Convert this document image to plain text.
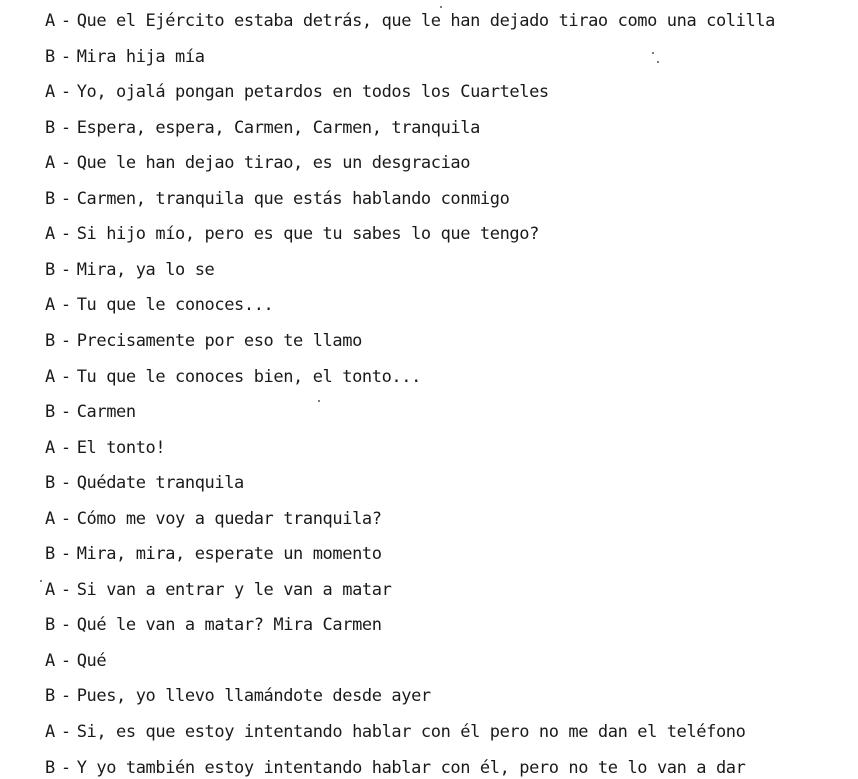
A - Que el Ejército estaba detrás, que le han dejado tirao como una colilla
B - Mira hija mía
A - Yo, ojalá pongan petardos en todos los Cuarteles
B - Espera, espera, Carmen, Carmen, tranquila
A - Que le han dejao tirao, es un desgraciao
B - Carmen, tranquila que estás hablando conmigo
A - Si hijo mío, pero es que tu sabes lo que tengo?
B - Mira, ya lo se
A - Tu que le conoces...
B - Precisamente por eso te llamo
A - Tu que le conoces bien, el tonto...
B - Carmen
A - El tonto!
B - Quédate tranquila
A - Cómo me voy a quedar tranquila?
B - Mira, mira, esperate un momento
A - Si van a entrar y le van a matar
B - Qué le van a matar? Mira Carmen
A - Qué
B - Pues, yo llevo llamándote desde ayer
A - Si, es que estoy intentando hablar con él pero no me dan el teléfono
B - Y yo también estoy intentando hablar con él, pero no te lo van a dar
